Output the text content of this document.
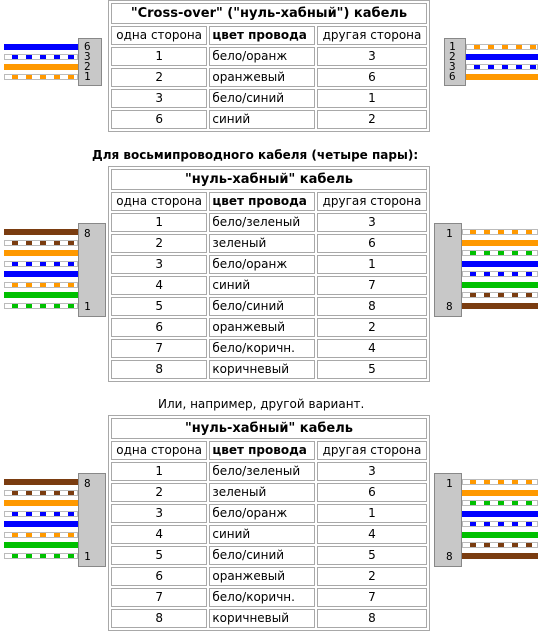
"Cross-over" ("нуль-хабный") кабель		
одна сторона	цвет провода	другая сторона
1	бело/оранж	3
2	оранжевый	6
3	бело/синий	1
6	синий	2
6
3
2
1
1
2
3
6
Для восьмипроводного кабеля (четыре пары):
"нуль-хабный" кабель		
одна сторона	цвет провода	другая сторона
1	бело/зеленый	3
2	зеленый	6
3	бело/оранж	1
4	синий	7
5	бело/синий	8
6	оранжевый	2
7	бело/коричн.	4
8	коричневый	5
8
1
1
8
Или, например, другой вариант.
"нуль-хабный" кабель		
одна сторона	цвет провода	другая сторона
1	бело/зеленый	3
2	зеленый	6
3	бело/оранж	1
4	синий	4
5	бело/синий	5
6	оранжевый	2
7	бело/коричн.	7
8	коричневый	8
8
1
1
8
